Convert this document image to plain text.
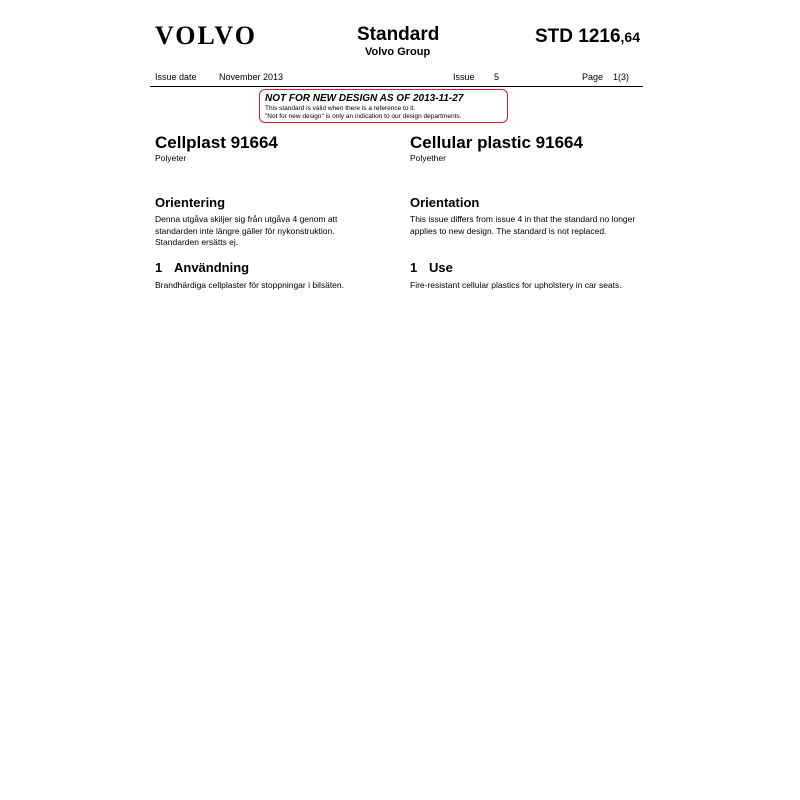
VOLVO	Standard
Volvo Group
STD 1216,64
Issue date November 2013	Issue 5	Page 1(3)
NOT FOR NEW DESIGN AS OF 2013-11-27
This standard is valid when there is a reference to it.
"Not for new design" is only an indication to our design departments.
Cellplast 91664
Polyeter
Orientering
Denna utgåva skiljer sig från utgåva 4 genom att standarden inte längre gäller för nykonstruktion. Standarden ersätts ej.
1 Användning
Brandhärdiga cellplaster för stoppningar i bilsäten.
Cellular plastic 91664
Polyether
Orientation
This issue differs from issue 4 in that the standard no longer applies to new design. The standard is not replaced.
1 Use
Fire-resistant cellular plastics for upholstery in car seats.
